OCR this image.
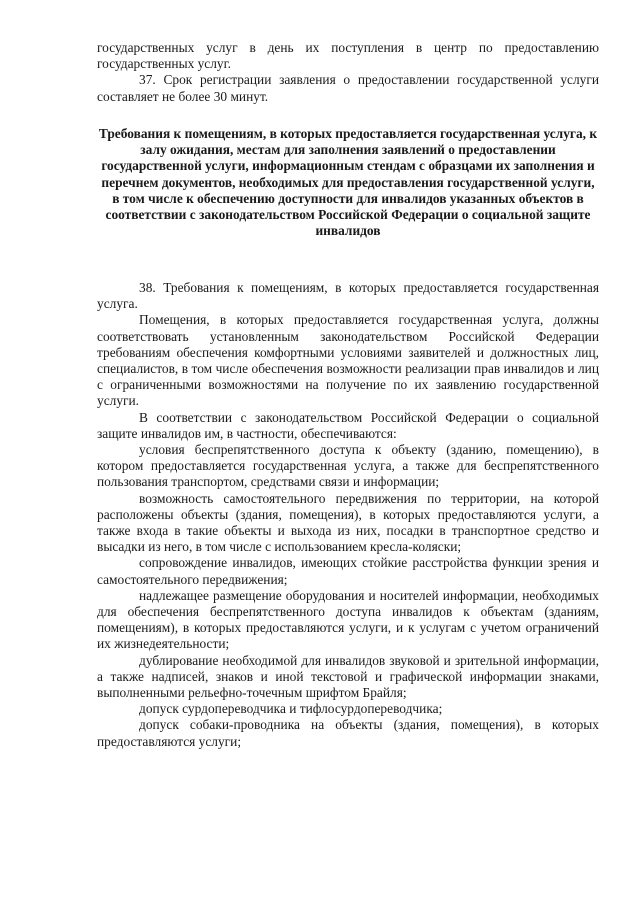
государственных услуг в день их поступления в центр по предоставлению государственных услуг.

37. Срок регистрации заявления о предоставлении государственной услуги составляет не более 30 минут.

Требования к помещениям, в которых предоставляется государственная услуга, к залу ожидания, местам для заполнения заявлений о предоставлении государственной услуги, информационным стендам с образцами их заполнения и перечнем документов, необходимых для предоставления государственной услуги, в том числе к обеспечению доступности для инвалидов указанных объектов в соответствии с законодательством Российской Федерации о социальной защите инвалидов

38. Требования к помещениям, в которых предоставляется государственная услуга.

Помещения, в которых предоставляется государственная услуга, должны соответствовать установленным законодательством Российской Федерации требованиям обеспечения комфортными условиями заявителей и должностных лиц, специалистов, в том числе обеспечения возможности реализации прав инвалидов и лиц с ограниченными возможностями на получение по их заявлению государственной услуги.

В соответствии с законодательством Российской Федерации о социальной защите инвалидов им, в частности, обеспечиваются:

условия беспрепятственного доступа к объекту (зданию, помещению), в котором предоставляется государственная услуга, а также для беспрепятственного пользования транспортом, средствами связи и информации;

возможность самостоятельного передвижения по территории, на которой расположены объекты (здания, помещения), в которых предоставляются услуги, а также входа в такие объекты и выхода из них, посадки в транспортное средство и высадки из него, в том числе с использованием кресла-коляски;

сопровождение инвалидов, имеющих стойкие расстройства функции зрения и самостоятельного передвижения;

надлежащее размещение оборудования и носителей информации, необходимых для обеспечения беспрепятственного доступа инвалидов к объектам (зданиям, помещениям), в которых предоставляются услуги, и к услугам с учетом ограничений их жизнедеятельности;

дублирование необходимой для инвалидов звуковой и зрительной информации, а также надписей, знаков и иной текстовой и графической информации знаками, выполненными рельефно-точечным шрифтом Брайля;

допуск сурдопереводчика и тифлосурдопереводчика;

допуск собаки-проводника на объекты (здания, помещения), в которых предоставляются услуги;
